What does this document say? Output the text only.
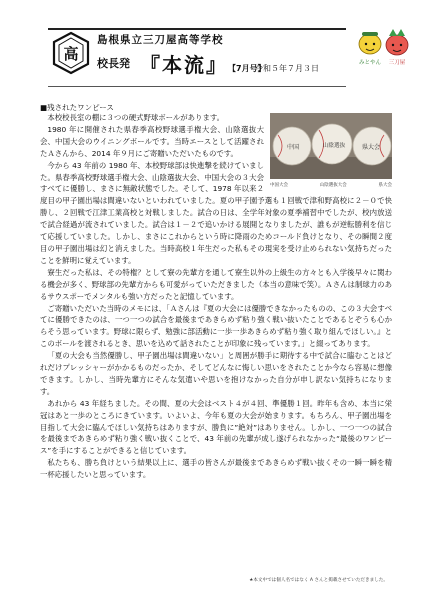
高
島根県立三刀屋高等学校
校長発 『本流』 【7月号】
令和５年７月３日
みとやん 三刀屋
■残されたワンピース
中国	山陰選抜	県大会
中国大会	山陰選抜大会	県大会

本校校長室の棚に３つの硬式野球ボールがあります。

1980 年に開催された県春季高校野球選手権大会、山陰選抜大会、中国大会のウイニングボールです。当時エースとして活躍されたＡさんから、2014 年９月にご寄贈いただいたものです。

今から 43 年前の 1980 年、本校野球部は快進撃を続けていました。県春季高校野球選手権大会、山陰選抜大会、中国大会の３大会すべてに優勝し、まさに無敵状態でした。そして、1978 年以来２度目の甲子園出場は間違いないといわれていました。夏の甲子園予選も１回戦で津和野高校に２－０で快勝し、２回戦で江津工業高校と対戦しました。試合の日は、全学年対象の夏季補習中でしたが、校内放送で試合経過が流されていました。試合は１－２で追いかける展開となりましたが、誰もが逆転勝利を信じて応援していました。しかし、まさにこれからという時に降雨のためコールド負けとなり、その瞬間２度目の甲子園出場は幻と消えました。当時高校１年生だった私もその現実を受け止められない気持ちだったことを鮮明に覚えています。

寮生だった私は、その特権？として寮の先輩方を通して寮生以外の上級生の方々とも入学後早々に関わる機会が多く、野球部の先輩方からも可愛がっていただきました（本当の意味で笑）。Ａさんは制球力のあるサウスポーでメンタルも強い方だったと記憶しています。

ご寄贈いただいた当時のメモには、「Ａさんは『夏の大会には優勝できなかったものの、この３大会すべてに優勝できたのは、一つ一つの試合を最後まであきらめず粘り強く戦い抜いたことであるとぞうも心からそう思っています。野球に限らず、勉強に部活動に一歩一歩あきらめず粘り強く取り組んでほしい。』とこのボールを渡されるとき、思いを込めて話されたことが印象に残っています。」と綴ってあります。

「夏の大会も当然優勝し、甲子園出場は間違いない」と周囲が勝手に期待する中で試合に臨むことはどれだけプレッシャーがかかるものだったか、そしてどんなに悔しい思いをされたことか今なら容易に想像できます。しかし、当時先輩方にそんな気遣いや思いを抱けなかった自分が申し訳ない気持ちになります。

あれから 43 年経ちました。その間、夏の大会はベスト４が４回、準優勝１回。昨年も含め、本当に栄冠はあと一歩のところにきています。いよいよ、今年も夏の大会が始まります。もちろん、甲子園出場を目指して大会に臨んでほしい気持ちはありますが、勝負に”絶対”はありません。しかし、一つ一つの試合を最後まであきらめず粘り強く戦い抜くことで、43 年前の先輩が成し遂げられなかった“最後のワンピース”を手にすることができると信じています。

私たちも、勝ち負けという結果以上に、選手の皆さんが最後まであきらめず戦い抜くその一瞬一瞬を精一杯応援したいと思っています。

★本文中では個人名ではなく A さんと掲載させていただきました。
